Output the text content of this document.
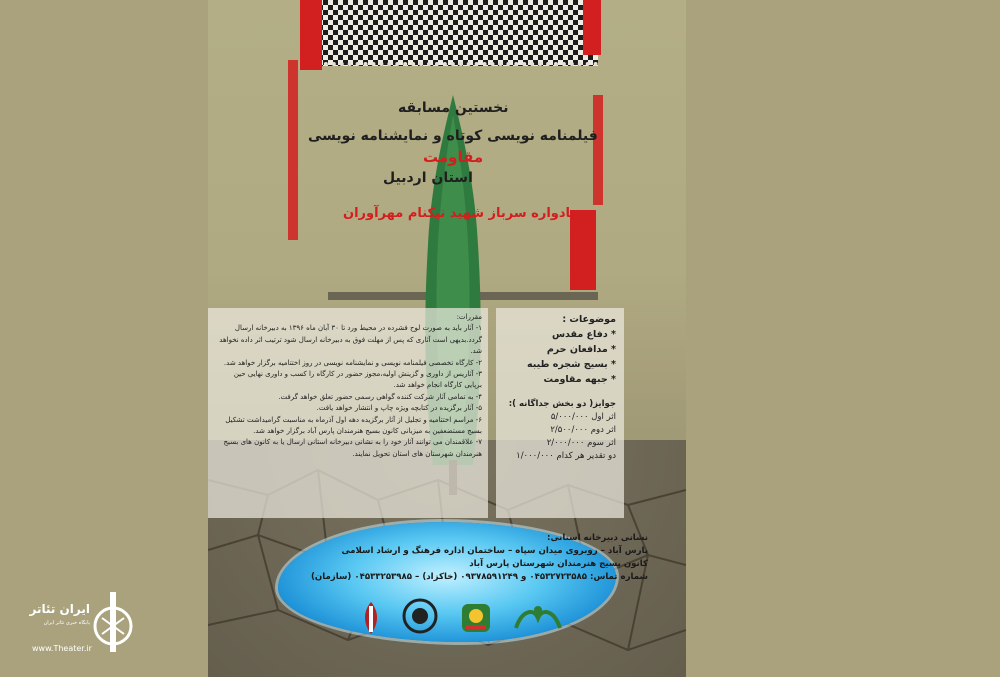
نخستین مسابقه
فیلمنامه نویسی کوتاه و نمایشنامه نویسی
مقاومت
استان اردبیل
یادواره سرباز شهید نیکنام مهرآوران

مقررات:

۱- آثار باید به صورت لوح فشرده در محیط ورد تا ۳۰ آبان ماه ۱۳۹۶ به دبیرخانه ارسال گردد.بدیهی است آثاری که پس از مهلت فوق به دبیرخانه ارسال شود ترتیب اثر داده نخواهد شد.

۲- کارگاه تخصصی فیلمنامه نویسی و نمایشنامه نویسی در روز اختتامیه برگزار خواهد شد.

۳- آثاریس از داوری و گزینش اولیه،مجوز حضور در کارگاه را کسب و داوری نهایی حین برپایی کارگاه انجام خواهد شد.

۴- به تمامی آثار شرکت کننده گواهی رسمی حضور تعلق خواهد گرفت.

۵- آثار برگزیده در کتابچه ویژه چاپ و انتشار خواهد یافت.

۶- مراسم اختتامیه و تجلیل از آثار برگزیده دهه اول آذرماه به مناسبت گرامیداشت تشکیل بسیج مستضعفین به میزبانی کانون بسیج هنرمندان پارس آباد برگزار خواهد شد.

۷- علاقمندان می توانند آثار خود را به نشانی دبیرخانه استانی ارسال یا به کانون های بسیج هنرمندان شهرستان های استان تحویل نمایند.

موضوعات :

* دفاع مقدس

* مدافعان حرم

* بسیج شجره طیبه

* جبهه مقاومت

جوایز( دو بخش جداگانه ):

اثر اول ۵/۰۰۰/۰۰۰

اثر دوم ۲/۵۰۰/۰۰۰

اثر سوم ۲/۰۰۰/۰۰۰

دو تقدیر هر کدام ۱/۰۰۰/۰۰۰

نشانی دبیرخانه استانی:

پارس آباد – روبروی میدان سپاه – ساختمان اداره فرهنگ و ارشاد اسلامی

کانون بسیج هنرمندان شهرستان پارس آباد

شماره تماس: ۰۴۵۳۲۷۲۳۵۸۵ و ۰۹۳۷۸۵۹۱۲۴۹ (خاکزاد) – ۰۴۵۳۳۲۵۳۹۸۵ (سازمان)

ایران تئاتر
پایگاه خبری تئاتر ایران
www.Theater.ir
